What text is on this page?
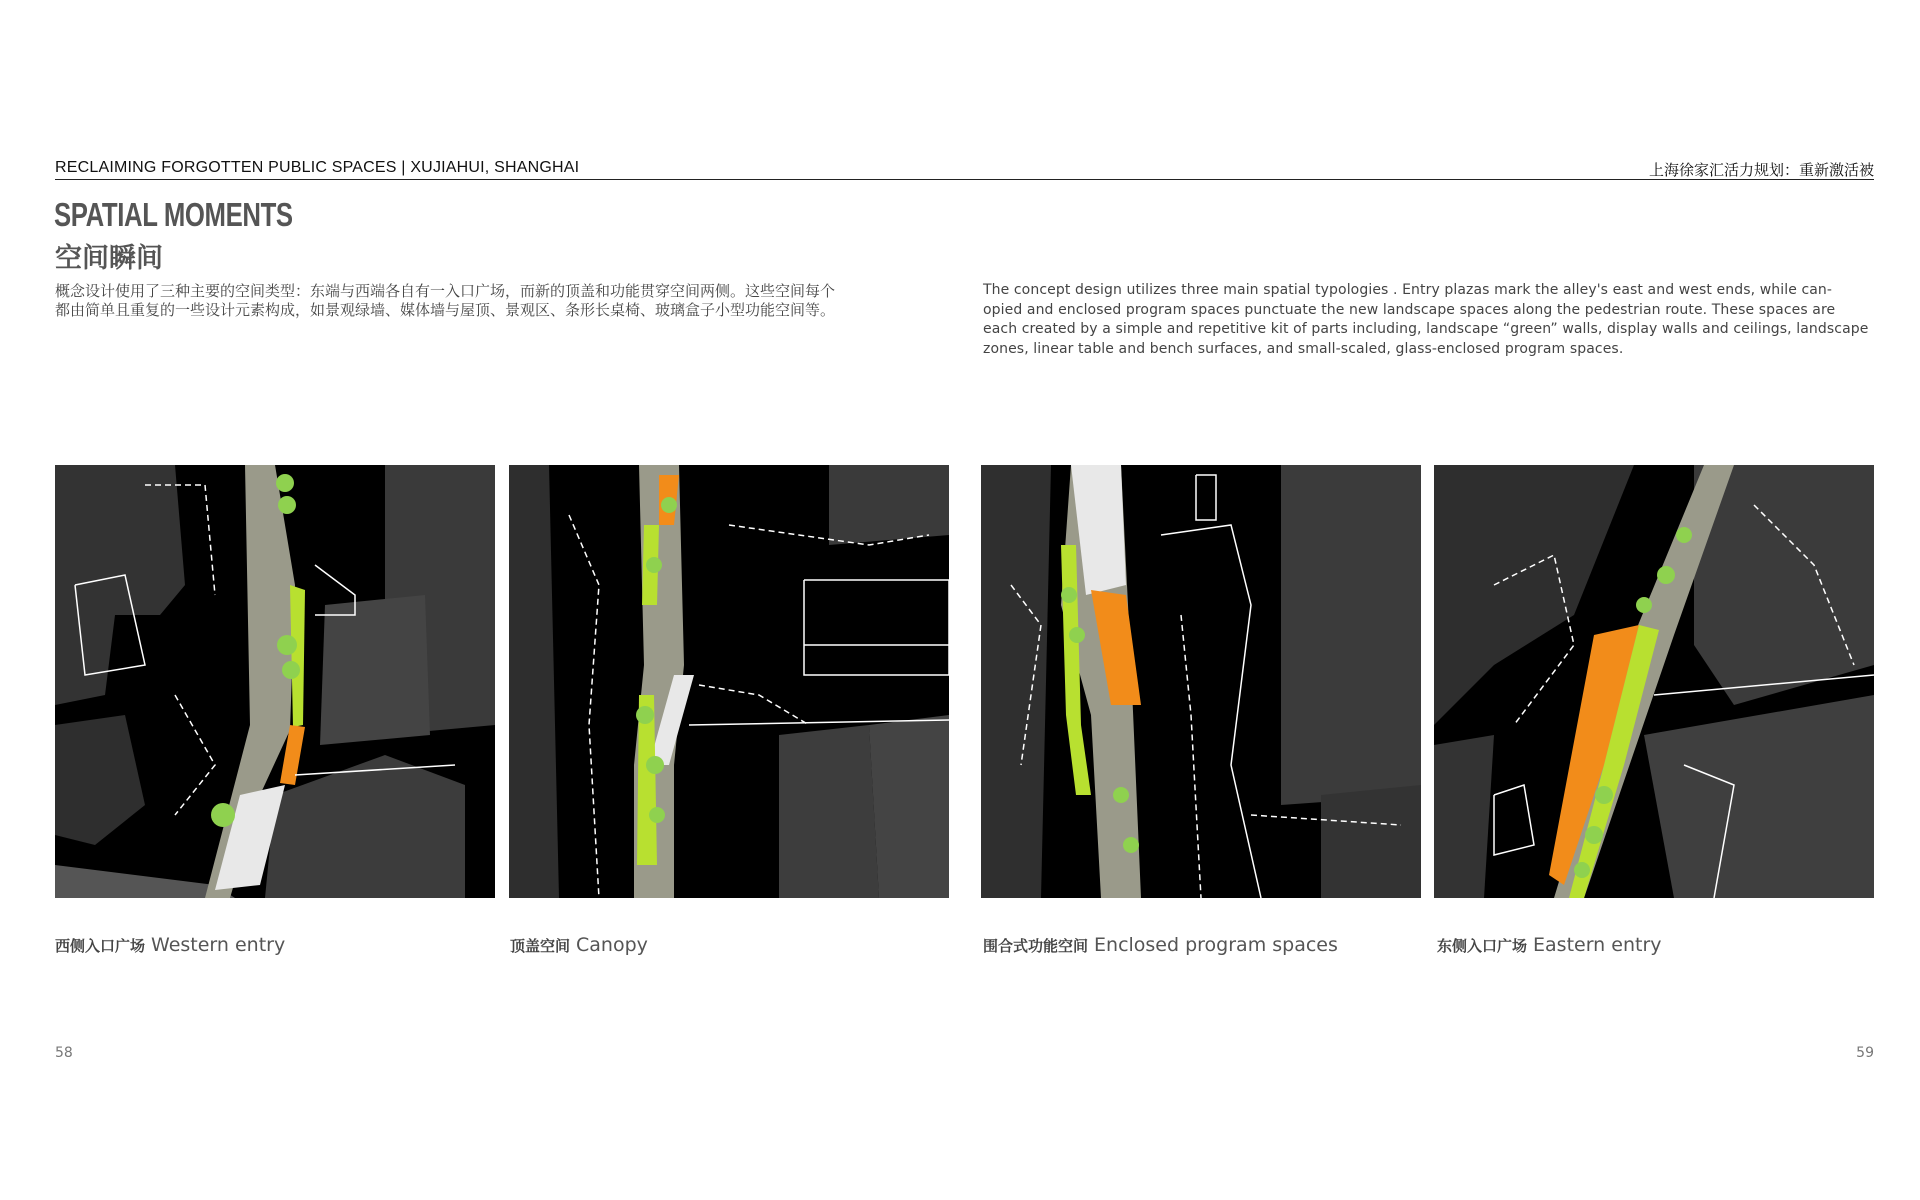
RECLAIMING FORGOTTEN PUBLIC SPACES | XUJIAHUI, SHANGHAI	上海徐家汇活力规划：重新激活被
SPATIAL MOMENTS
空间瞬间
概念设计使用了三种主要的空间类型：东端与西端各自有一入口广场，而新的顶盖和功能贯穿空间两侧。这些空间每个
都由简单且重复的一些设计元素构成，如景观绿墙、媒体墙与屋顶、景观区、条形长桌椅、玻璃盒子小型功能空间等。
The concept design utilizes three main spatial typologies . Entry plazas mark the alley's east and west ends, while can-
opied and enclosed program spaces punctuate the new landscape spaces along the pedestrian route. These spaces are
each created by a simple and repetitive kit of parts including, landscape “green” walls, display walls and ceilings, landscape
zones, linear table and bench surfaces, and small-scaled, glass-enclosed program spaces.
西侧入口广场 Western entry	顶盖空间 Canopy	围合式功能空间 Enclosed program spaces	东侧入口广场 Eastern entry
58	59
